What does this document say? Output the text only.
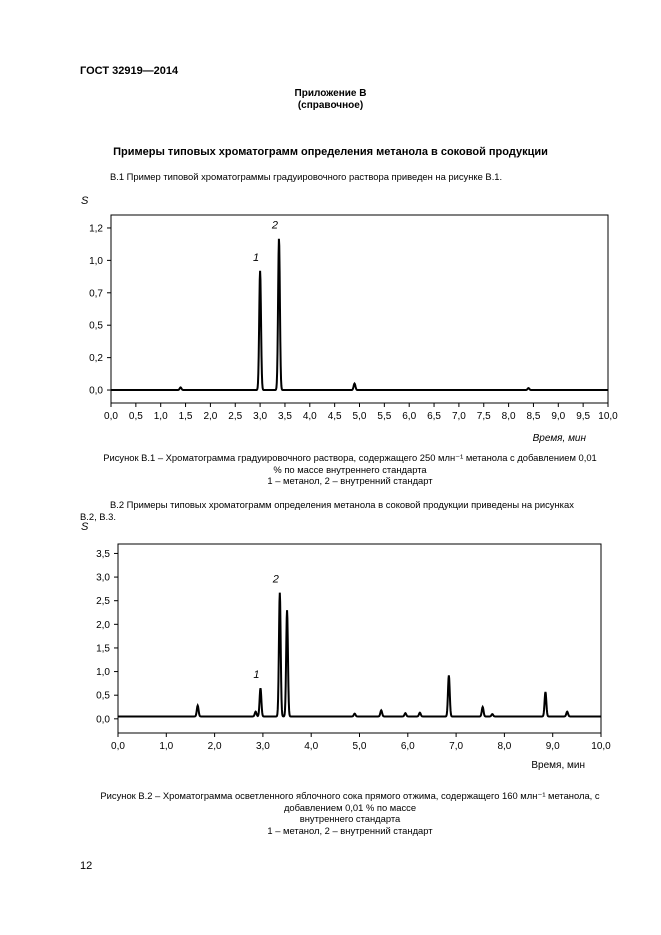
ГОСТ 32919—2014
Приложение В
(справочное)
Примеры типовых хроматограмм определения метанола в соковой продукции
В.1 Пример типовой хроматограммы градуировочного раствора приведен на рисунке В.1.
S
0,0
0,2
0,5
0,7
1,0
1,2
0,0 0,5 1,0 1,5 2,0 2,5 3,0 3,5 4,0 4,5 5,0 5,5 6,0 6,5 7,0 7,5 8,0 8,5 9,0 9,5 10,0
1
2
Время, мин
Рисунок В.1 – Хроматограмма градуировочного раствора, содержащего 250 млн⁻¹ метанола с добавлением 0,01
% по массе внутреннего стандарта
1 – метанол, 2 – внутренний стандарт
В.2 Примеры типовых хроматограмм определения метанола в соковой продукции приведены на рисунках
В.2, В.3.
S
0,0
0,5
1,0
1,5
2,0
2,5
3,0
3,5
0,0	1,0	2,0	3,0	4,0	5,0	6,0	7,0	8,0	9,0	10,0
1
2
Время, мин
Рисунок В.2 – Хроматограмма осветленного яблочного сока прямого отжима, содержащего 160 млн⁻¹ метанола, с
добавлением 0,01 % по массе
внутреннего стандарта
1 – метанол, 2 – внутренний стандарт
12
